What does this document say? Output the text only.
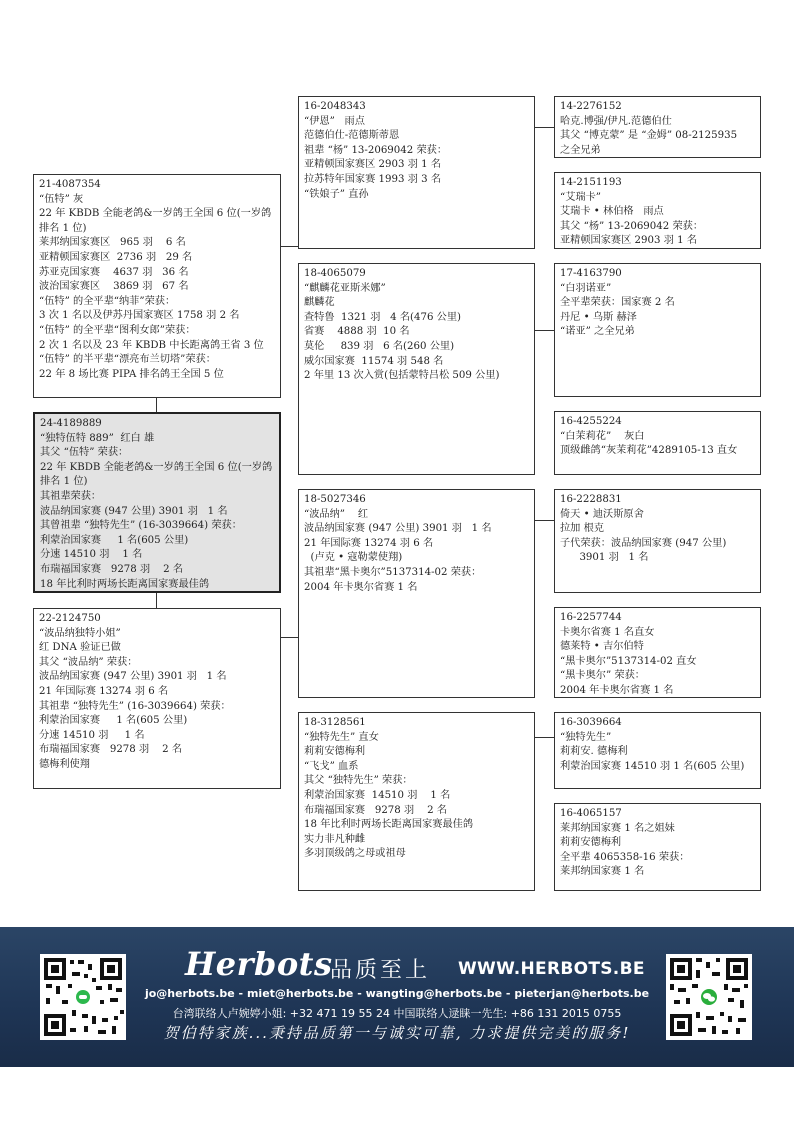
21-4087354
“伍特” 灰
22 年 KBDB 全能老鸽&一岁鸽王全国 6 位(一岁鸽排名 1 位)
莱邦纳国家赛区   965 羽    6 名
亚精顿国家赛区  2736 羽   29 名
苏亚克国家赛    4637 羽   36 名
波治国家赛区    3869 羽   67 名
“伍特” 的全平辈“纳菲”荣获：
3 次 1 名以及伊苏丹国家赛区 1758 羽 2 名
“伍特” 的全平辈“图利女郎”荣获：
2 次 1 名以及 23 年 KBDB 中长距离鸽王省 3 位
“伍特” 的半平辈“漂亮布兰切塔”荣获：
22 年 8 场比赛 PIPA 排名鸽王全国 5 位
24-4189889
“独特伍特 889”  红白 雄
其父 “伍特” 荣获：
22 年 KBDB 全能老鸽&一岁鸽王全国 6 位(一岁鸽排名 1 位)
其祖辈荣获：
波品纳国家赛 (947 公里) 3901 羽   1 名
其曾祖辈 “独特先生” (16-3039664) 荣获：
利蒙治国家赛     1 名(605 公里)
分速 14510 羽    1 名
布瑞福国家赛   9278 羽    2 名
18 年比利时两场长距离国家赛最佳鸽
22-2124750
“波品纳独特小姐”
红 DNA 验证已做
其父 “波品纳” 荣获：
波品纳国家赛 (947 公里) 3901 羽   1 名
21 年国际赛 13274 羽 6 名
其祖辈 “独特先生” (16-3039664) 荣获：
利蒙治国家赛     1 名(605 公里)
分速 14510 羽     1 名
布瑞福国家赛   9278 羽    2 名
德梅利使翔
16-2048343
“伊恩”   雨点
范德伯仕-范德斯蒂恩
祖辈 “杨” 13-2069042 荣获：
亚精顿国家赛区 2903 羽 1 名
拉苏特年国家赛 1993 羽 3 名
“铁娘子” 直孙
18-4065079
“麒麟花亚斯米娜”
麒麟花
查特鲁  1321 羽   4 名(476 公里)
省赛    4888 羽  10 名
莫伦     839 羽   6 名(260 公里)
威尔国家赛  11574 羽 548 名
2 年里 13 次入赏(包括蒙特吕松 509 公里)
18-5027346
“波品纳”    红
波品纳国家赛 (947 公里) 3901 羽   1 名
21 年国际赛 13274 羽 6 名
(卢克 • 寇勒蒙使翔)
其祖辈“黑卡奥尔”5137314-02 荣获：
2004 年卡奥尔省赛 1 名
18-3128561
“独特先生” 直女
莉莉安德梅利
“飞戈” 血系
其父 “独特先生” 荣获：
利蒙治国家赛  14510 羽    1 名
布瑞福国家赛   9278 羽    2 名
18 年比利时两场长距离国家赛最佳鸽
实力非凡种雌
多羽顶级鸽之母或祖母
14-2276152
哈克.博强/伊凡.范德伯仕
其父 “博克蒙” 是 “金姆” 08-2125935
之全兄弟
14-2151193
“艾瑞卡”
艾瑞卡 • 林伯格   雨点
其父 “杨” 13-2069042 荣获：
亚精顿国家赛区 2903 羽 1 名
17-4163790
“白羽诺亚”
全平辈荣获：国家赛 2 名
丹尼 • 乌斯 赫泽
“诺亚” 之全兄弟
16-4255224
“白茉莉花”    灰白
顶级雌鸽“灰茉莉花”4289105-13 直女
16-2228831
倚天 • 迪沃斯原舍
拉加 根克
子代荣获：波品纳国家赛 (947 公里)
3901 羽   1 名
16-2257744
卡奥尔省赛 1 名直女
德莱特 • 吉尔伯特
“黑卡奥尔”5137314-02 直女
“黑卡奥尔” 荣获：
2004 年卡奥尔省赛 1 名
16-3039664
“独特先生”
莉莉安. 德梅利
利蒙治国家赛 14510 羽 1 名(605 公里)
16-4065157
莱邦纳国家赛 1 名之姐妹
莉莉安德梅利
全平辈 4065358-16 荣获：
莱邦纳国家赛 1 名
Herbots
品质至上 WWW.HERBOTS.BE
jo@herbots.be - miet@herbots.be - wangting@herbots.be - pieterjan@herbots.be
台湾联络人卢婉婷小姐: +32 471 19 55 24 中国联络人逯睐一先生: +86 131 2015 0755
贺伯特家族...秉持品质第一与诚实可靠, 力求提供完美的服务!
